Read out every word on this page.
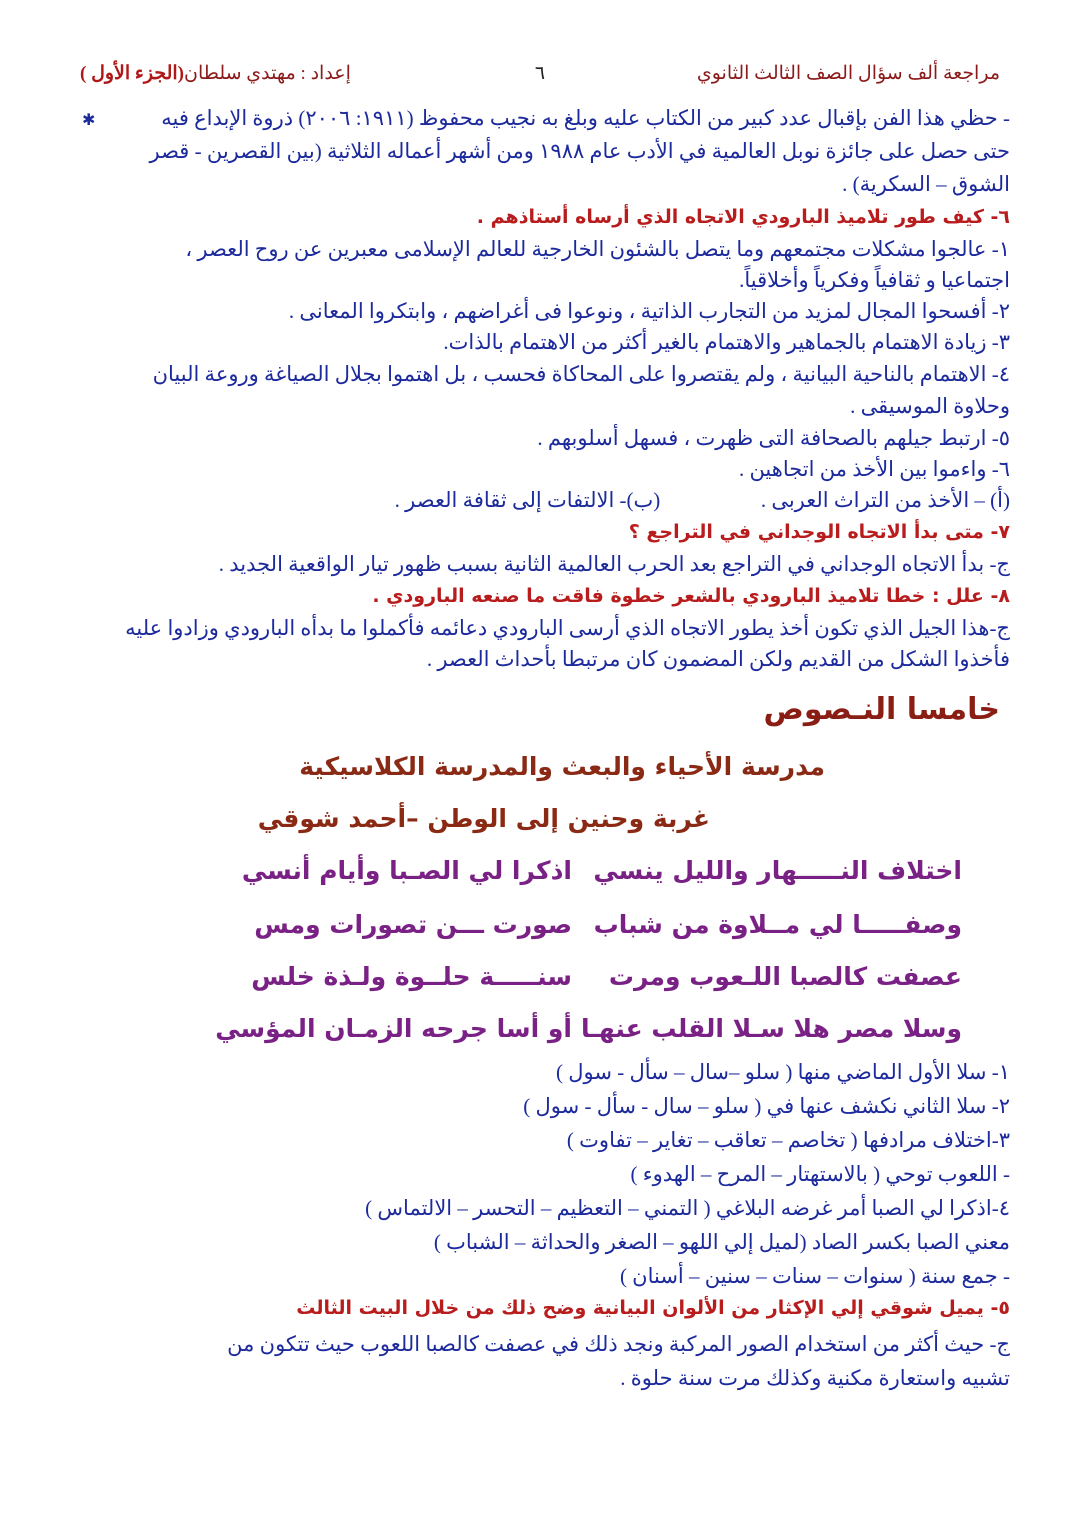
مراجعة ألف سؤال الصف الثالث الثانوي
٦
إعداد : مهتدي سلطان(الجزء الأول )
✱	- حظي هذا الفن بإقبال عدد كبير من الكتاب عليه وبلغ به نجيب محفوظ (١٩١١: ٢٠٠٦) ذروة الإبداع فيه
حتى حصل على جائزة نوبل العالمية في الأدب عام ١٩٨٨ ومن أشهر أعماله الثلاثية (بين القصرين - قصر
الشوق – السكرية) .
٦- كيف طور تلاميذ البارودي الاتجاه الذي أرساه أستاذهم .
١- عالجوا مشكلات مجتمعهم وما يتصل بالشئون الخارجية للعالم الإسلامى معبرين عن روح العصر ،
اجتماعيا و ثقافياً وفكرياً وأخلاقياً.
٢- أفسحوا المجال لمزيد من التجارب الذاتية ، ونوعوا فى أغراضهم ، وابتكروا المعانى .
٣- زيادة الاهتمام بالجماهير والاهتمام بالغير أكثر من الاهتمام بالذات.
٤- الاهتمام بالناحية البيانية ، ولم يقتصروا على المحاكاة فحسب ، بل اهتموا بجلال الصياغة وروعة البيان
وحلاوة الموسيقى .
٥- ارتبط جيلهم بالصحافة التى ظهرت ، فسهل أسلوبهم .
٦- واءموا بين الأخذ من اتجاهين .
(أ) – الأخذ من التراث العربى .  (ب)- الالتفات إلى ثقافة العصر .
٧- متى بدأ الاتجاه الوجداني في التراجع ؟
ج- بدأ الاتجاه الوجداني في التراجع بعد الحرب العالمية الثانية بسبب ظهور تيار الواقعية الجديد .
٨- علل : خطا تلاميذ البارودي بالشعر خطوة فاقت ما صنعه البارودي .
ج-هذا الجيل الذي تكون أخذ يطور الاتجاه الذي أرسى البارودي دعائمه فأكملوا ما بدأه البارودي وزادوا عليه
فأخذوا الشكل من القديم ولكن المضمون كان مرتبطا بأحداث العصر .
خامسا النـصوص
مدرسة الأحياء والبعث والمدرسة الكلاسيكية
غربة وحنين إلى الوطن –أحمد شوقي
اختلاف النـــــهار والليل ينسي
اذكرا لي الصـبا وأيام أنسي
وصفـــــا لي مــلاوة من شباب
صورت ـــن تصورات ومس
عصفت كالصبا اللـعوب ومرت
سنـــــة حلــوة ولـذة خلس
وسلا مصر هلا سـلا القلب عنهـا
أو أسا جرحه الزمـان المؤسي
١- سلا الأول الماضي منها ( سلو –سال – سأل - سول )
٢- سلا الثاني نكشف عنها في ( سلو – سال - سأل - سول )
٣-اختلاف مرادفها ( تخاصم – تعاقب – تغاير – تفاوت )
- اللعوب توحي ( بالاستهتار – المرح – الهدوء )
٤-اذكرا لي الصبا أمر غرضه البلاغي ( التمني – التعظيم – التحسر – الالتماس )
معني الصبا بكسر الصاد (لميل إلي اللهو – الصغر والحداثة – الشباب )
- جمع سنة ( سنوات – سنات – سنين – أسنان )
٥- يميل شوقي إلي الإكثار من الألوان البيانية وضح ذلك من خلال البيت الثالث
ج- حيث أكثر من استخدام الصور المركبة ونجد ذلك في عصفت كالصبا اللعوب حيث تتكون من
تشبيه واستعارة مكنية وكذلك مرت سنة حلوة .
